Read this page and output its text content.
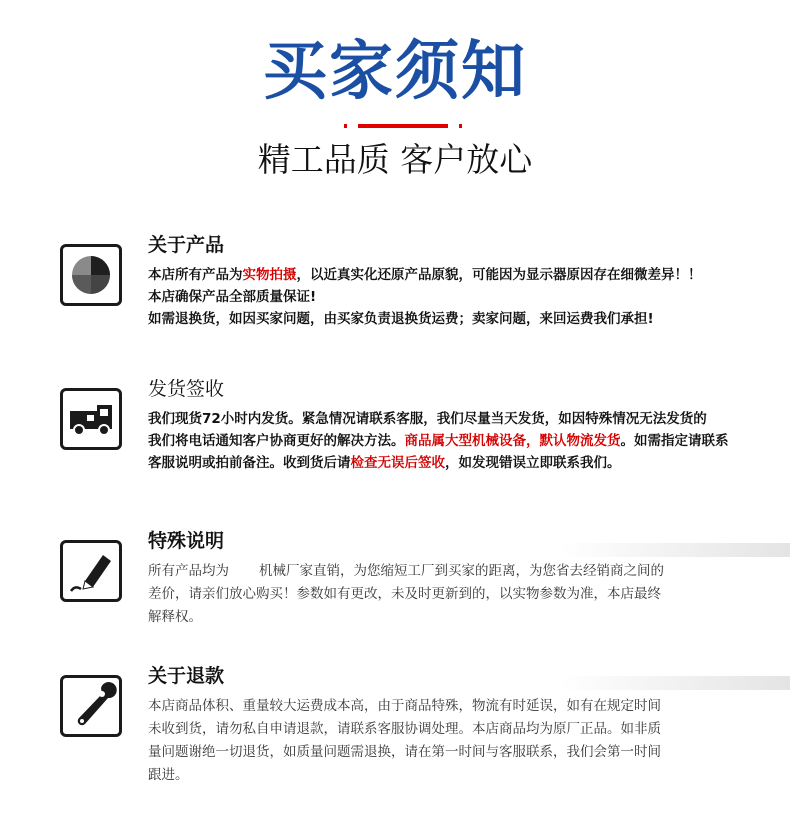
买家须知
精工品质 客户放心
关于产品
本店所有产品为实物拍摄，以近真实化还原产品原貌，可能因为显示器原因存在细微差异！！
本店确保产品全部质量保证!
如需退换货，如因买家问题，由买家负责退换货运费；卖家问题，来回运费我们承担!
发货签收
我们现货72小时内发货。紧急情况请联系客服，我们尽量当天发货，如因特殊情况无法发货的
我们将电话通知客户协商更好的解决方法。商品属大型机械设备，默认物流发货。如需指定请联系
客服说明或拍前备注。收到货后请检查无误后签收，如发现错误立即联系我们。
特殊说明
所有产品均为       机械厂家直销，为您缩短工厂到买家的距离，为您省去经销商之间的
差价，请亲们放心购买！参数如有更改，未及时更新到的，以实物参数为准，本店最终
解释权。
关于退款
本店商品体积、重量较大运费成本高，由于商品特殊，物流有时延误，如有在规定时间
未收到货，请勿私自申请退款，请联系客服协调处理。本店商品均为原厂正品。如非质
量问题谢绝一切退货，如质量问题需退换，请在第一时间与客服联系，我们会第一时间
跟进。
